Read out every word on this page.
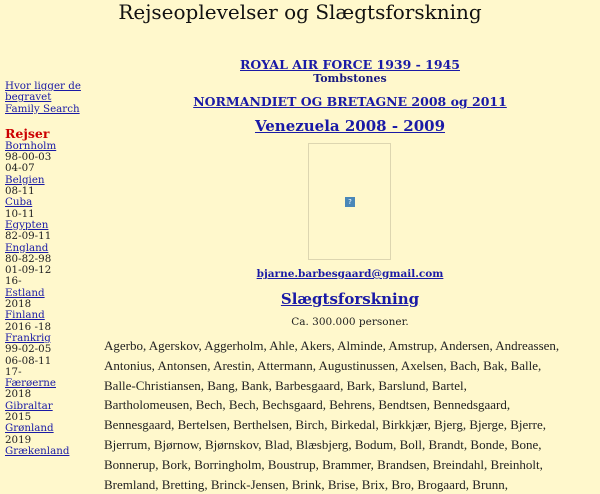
Rejseoplevelser og Slægtsforskning
Hvor ligger de
begravet
Family Search
Rejser
Bornholm
98-00-03
04-07
Belgien
08-11
Cuba
10-11
Egypten
82-09-11
England
80-82-98
01-09-12
16-
Estland
2018
Finland
2016 -18
Frankrig
99-02-05
06-08-11
17-
Færøerne
2018
Gibraltar
2015
Grønland
2019
Grækenland
ROYAL AIR FORCE 1939 - 1945
Tombstones
NORMANDIET OG BRETAGNE 2008 og 2011
Venezuela 2008 - 2009
?
bjarne.barbesgaard@gmail.com
Slægtsforskning
Ca. 300.000 personer.
Agerbo, Agerskov, Aggerholm, Ahle, Akers, Alminde, Amstrup, Andersen, Andreassen,
Antonius, Antonsen, Arestin, Attermann, Augustinussen, Axelsen, Bach, Bak, Balle,
Balle-Christiansen, Bang, Bank, Barbesgaard, Bark, Barslund, Bartel,
Bartholomeusen, Bech, Bech, Bechsgaard, Behrens, Bendtsen, Bennedsgaard,
Bennesgaard, Bertelsen, Berthelsen, Birch, Birkedal, Birkkjær, Bjerg, Bjerge, Bjerre,
Bjerrum, Bjørnow, Bjørnskov, Blad, Blæsbjerg, Bodum, Boll, Brandt, Bonde, Bone,
Bonnerup, Bork, Borringholm, Boustrup, Brammer, Brandsen, Breindahl, Breinholt,
Bremland, Bretting, Brinck-Jensen, Brink, Brise, Brix, Bro, Brogaard, Brunn,
